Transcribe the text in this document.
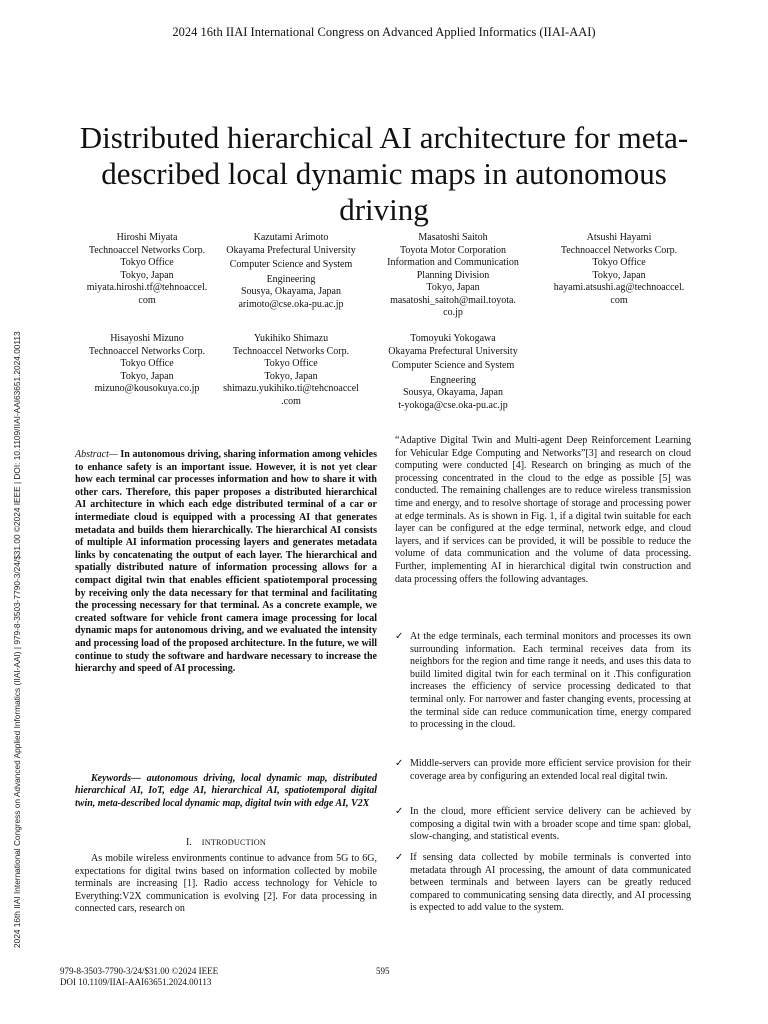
2024 16th IIAI International Congress on Advanced Applied Informatics (IIAI-AAI)
Distributed hierarchical AI architecture for meta-
described local dynamic maps in autonomous driving
2024 16th IIAI International Congress on Advanced Applied Informatics (IIAI-AAI) | 979-8-3503-7790-3/24/$31.00 ©2024 IEEE | DOI: 10.1109/IIAI-AAI63651.2024.00113
Hiroshi Miyata
Technoaccel Networks Corp.
Tokyo Office
Tokyo, Japan
miyata.hiroshi.tf@tehnoaccel.
com
Kazutami Arimoto
Okayama Prefectural University
Computer Science and System
Engineering
Sousya, Okayama, Japan
arimoto@cse.oka-pu.ac.jp
Masatoshi Saitoh
Toyota Motor Corporation
Information and Communication
Planning Division
Tokyo, Japan
masatoshi_saitoh@mail.toyota.
co.jp
Atsushi Hayami
Technoaccel Networks Corp.
Tokyo Office
Tokyo, Japan
hayami.atsushi.ag@technoaccel.
com
Hisayoshi Mizuno
Technoaccel Networks Corp.
Tokyo Office
Tokyo, Japan
mizuno@kousokuya.co.jp
Yukihiko Shimazu
Technoaccel Networks Corp.
Tokyo Office
Tokyo, Japan
shimazu.yukihiko.ti@tehcnoaccel
.com
Tomoyuki Yokogawa
Okayama Prefectural University
Computer Science and System
Engneering
Sousya, Okayama, Japan
t-yokoga@cse.oka-pu.ac.jp
Abstract— In autonomous driving, sharing information among vehicles to enhance safety is an important issue. However, it is not yet clear how each terminal car processes information and how to share it with other cars. Therefore, this paper proposes a distributed hierarchical AI architecture in which each edge distributed terminal of a car or intermediate cloud is equipped with a processing AI that generates metadata and builds them hierarchically. The hierarchical AI consists of multiple AI information processing layers and generates metadata links by concatenating the output of each layer. The hierarchical and spatially distributed nature of information processing allows for a compact digital twin that enables efficient spatiotemporal processing by receiving only the data necessary for that terminal and facilitating the processing necessary for that terminal. As a concrete example, we created software for vehicle front camera image processing for local dynamic maps for autonomous driving, and we evaluated the intensity and processing load of the proposed architecture. In the future, we will continue to study the software and hardware necessary to increase the hierarchy and speed of AI processing.
Keywords— autonomous driving, local dynamic map, distributed hierarchical AI, IoT, edge AI, hierarchical AI, spatiotemporal digital twin, meta-described local dynamic map, digital twin with edge AI, V2X
I. INTRODUCTION
As mobile wireless environments continue to advance from 5G to 6G, expectations for digital twins based on information collected by mobile terminals are increasing [1]. Radio access technology for Vehicle to Everything:V2X communication is evolving [2]. For data processing in connected cars, research on
“Adaptive Digital Twin and Multi-agent Deep Reinforcement Learning for Vehicular Edge Computing and Networks”[3] and research on cloud computing were conducted [4]. Research on bringing as much of the processing concentrated in the cloud to the edge as possible [5] was conducted. The remaining challenges are to reduce wireless transmission time and energy, and to resolve shortage of storage and processing power at edge terminals. As is shown in Fig. 1, if a digital twin suitable for each layer can be configured at the edge terminal, network edge, and cloud layers, and if services can be provided, it will be possible to reduce the volume of data communication and the volume of data processing. Further, implementing AI in hierarchical digital twin construction and data processing offers the following advantages.
✓ At the edge terminals, each terminal monitors and processes its own surrounding information. Each terminal receives data from its neighbors for the region and time range it needs, and uses this data to build limited digital twin for each terminal on it .This configuration increases the efficiency of service processing dedicated to that terminal only. For narrower and faster changing events, processing at the terminal side can reduce communication time, energy compared to processing in the cloud.
✓ Middle-servers can provide more efficient service provision for their coverage area by configuring an extended local real digital twin.
✓ In the cloud, more efficient service delivery can be achieved by composing a digital twin with a broader scope and time span: global, slow-changing, and statistical events.
✓ If sensing data collected by mobile terminals is converted into metadata through AI processing, the amount of data communicated between terminals and between layers can be greatly reduced compared to communicating sensing data directly, and AI processing is expected to add value to the system.
979-8-3503-7790-3/24/$31.00 ©2024 IEEE
DOI 10.1109/IIAI-AAI63651.2024.00113
595
